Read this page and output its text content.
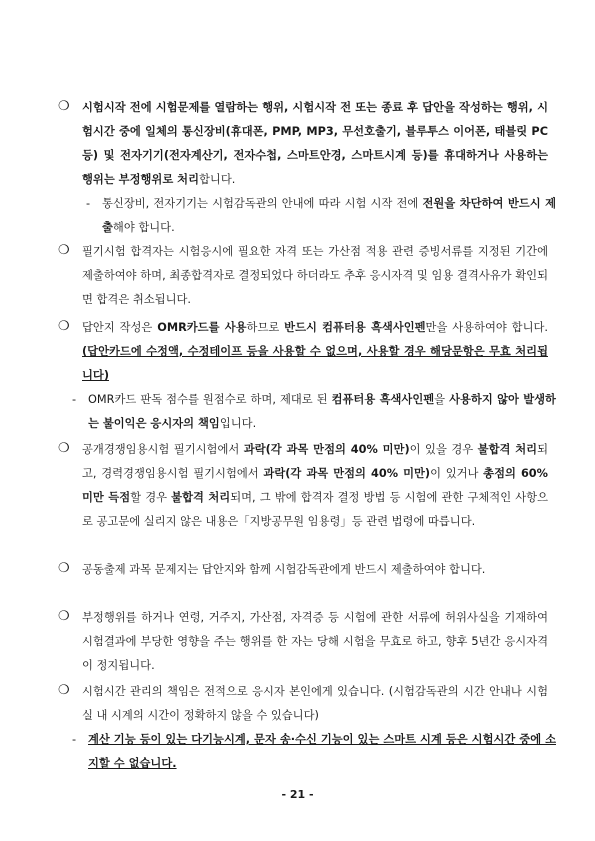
❍ 시험시작 전에 시험문제를 열람하는 행위, 시험시작 전 또는 종료 후 답안을 작성하는 행위, 시험시간 중에 일체의 통신장비(휴대폰, PMP, MP3, 무선호출기, 블루투스 이어폰, 태블릿 PC 등) 및 전자기기(전자계산기, 전자수첩, 스마트안경, 스마트시계 등)를 휴대하거나 사용하는 행위는 부정행위로 처리합니다.
- 통신장비, 전자기기는 시험감독관의 안내에 따라 시험 시작 전에 전원을 차단하여 반드시 제출해야 합니다.
❍ 필기시험 합격자는 시험응시에 필요한 자격 또는 가산점 적용 관련 증빙서류를 지정된 기간에 제출하여야 하며, 최종합격자로 결정되었다 하더라도 추후 응시자격 및 임용 결격사유가 확인되면 합격은 취소됩니다.
❍ 답안지 작성은 OMR카드를 사용하므로 반드시 컴퓨터용 흑색사인펜만을 사용하여야 합니다. (답안카드에 수정액, 수정테이프 등을 사용할 수 없으며, 사용할 경우 해당문항은 무효 처리됩니다)
- OMR카드 판독 점수를 원점수로 하며, 제대로 된 컴퓨터용 흑색사인펜을 사용하지 않아 발생하는 불이익은 응시자의 책임입니다.
❍ 공개경쟁임용시험 필기시험에서 과락(각 과목 만점의 40% 미만)이 있을 경우 불합격 처리되고, 경력경쟁임용시험 필기시험에서 과락(각 과목 만점의 40% 미만)이 있거나 총점의 60% 미만 득점할 경우 불합격 처리되며, 그 밖에 합격자 결정 방법 등 시험에 관한 구체적인 사항으로 공고문에 실리지 않은 내용은「지방공무원 임용령」등 관련 법령에 따릅니다.
❍ 공동출제 과목 문제지는 답안지와 함께 시험감독관에게 반드시 제출하여야 합니다.
❍ 부정행위를 하거나 연령, 거주지, 가산점, 자격증 등 시험에 관한 서류에 허위사실을 기재하여 시험결과에 부당한 영향을 주는 행위를 한 자는 당해 시험을 무효로 하고, 향후 5년간 응시자격이 정지됩니다.
❍ 시험시간 관리의 책임은 전적으로 응시자 본인에게 있습니다. (시험감독관의 시간 안내나 시험실 내 시계의 시간이 정확하지 않을 수 있습니다)
- 계산 기능 등이 있는 다기능시계, 문자 송·수신 기능이 있는 스마트 시계 등은 시험시간 중에 소지할 수 없습니다.
- 21 -
